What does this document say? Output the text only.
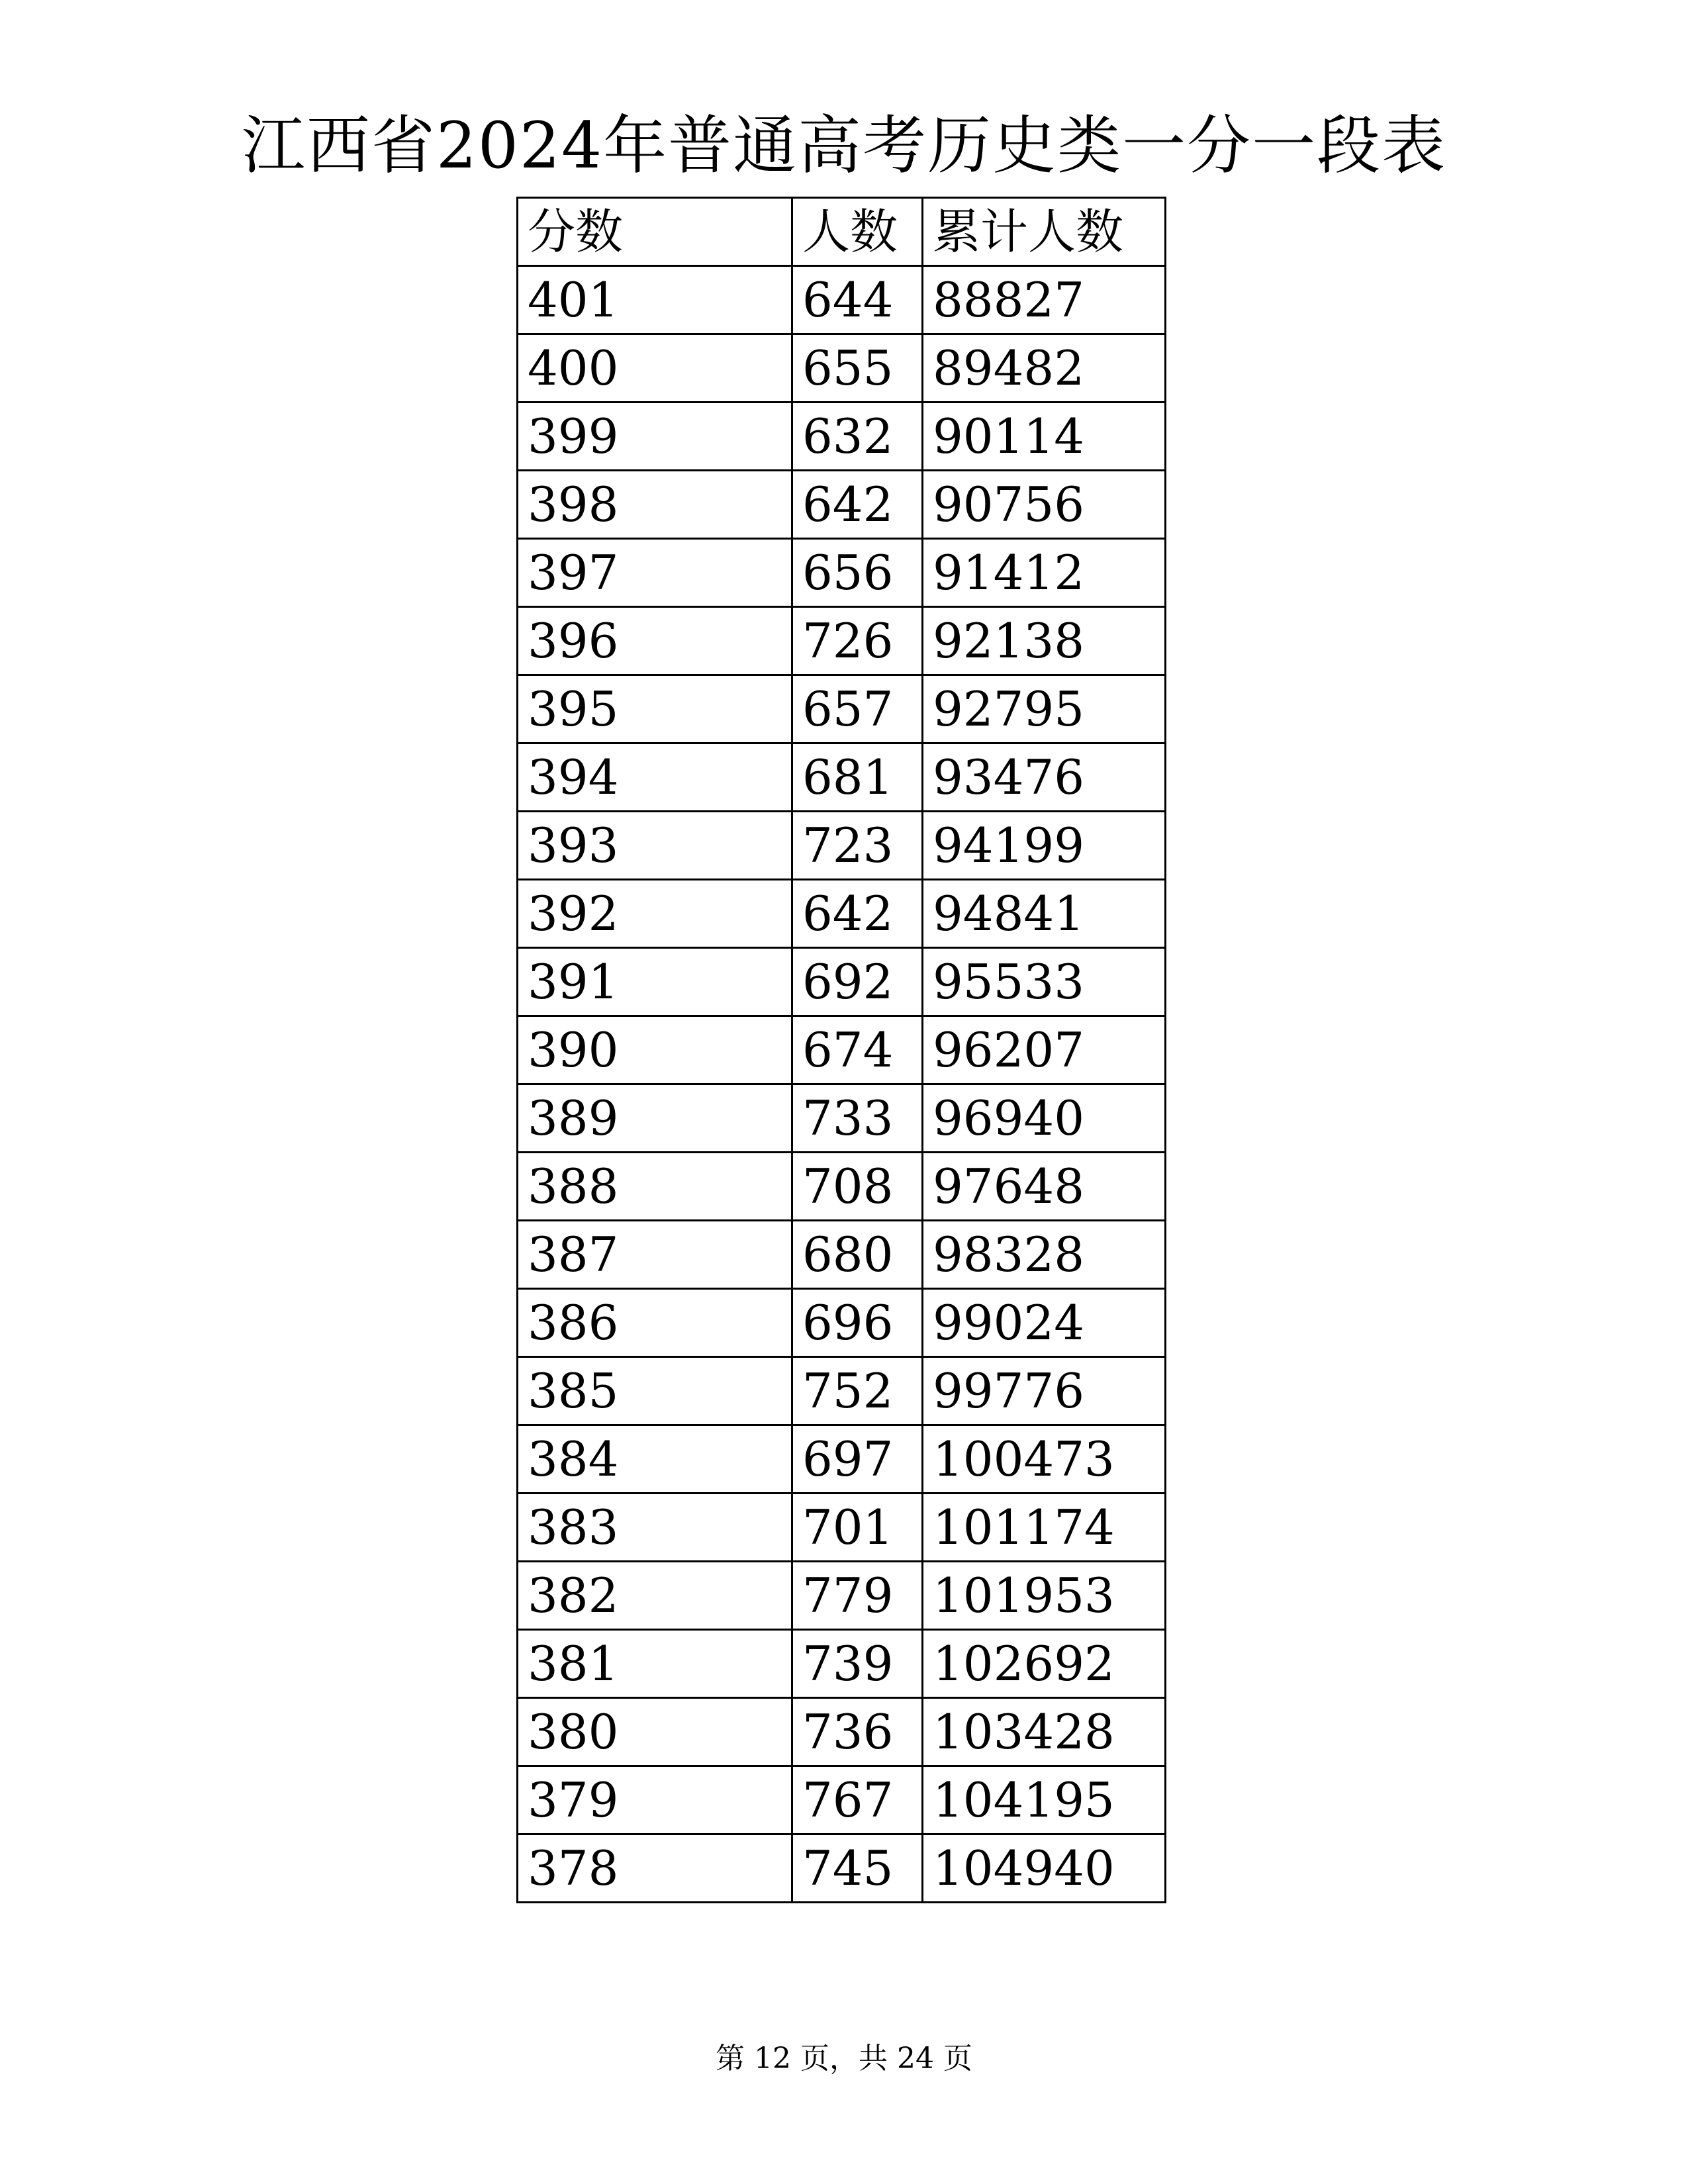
江西省2024年普通高考历史类一分一段表
分数	人数	累计人数
401	644	88827
400	655	89482
399	632	90114
398	642	90756
397	656	91412
396	726	92138
395	657	92795
394	681	93476
393	723	94199
392	642	94841
391	692	95533
390	674	96207
389	733	96940
388	708	97648
387	680	98328
386	696	99024
385	752	99776
384	697	100473
383	701	101174
382	779	101953
381	739	102692
380	736	103428
379	767	104195
378	745	104940
第 12 页，共 24 页
